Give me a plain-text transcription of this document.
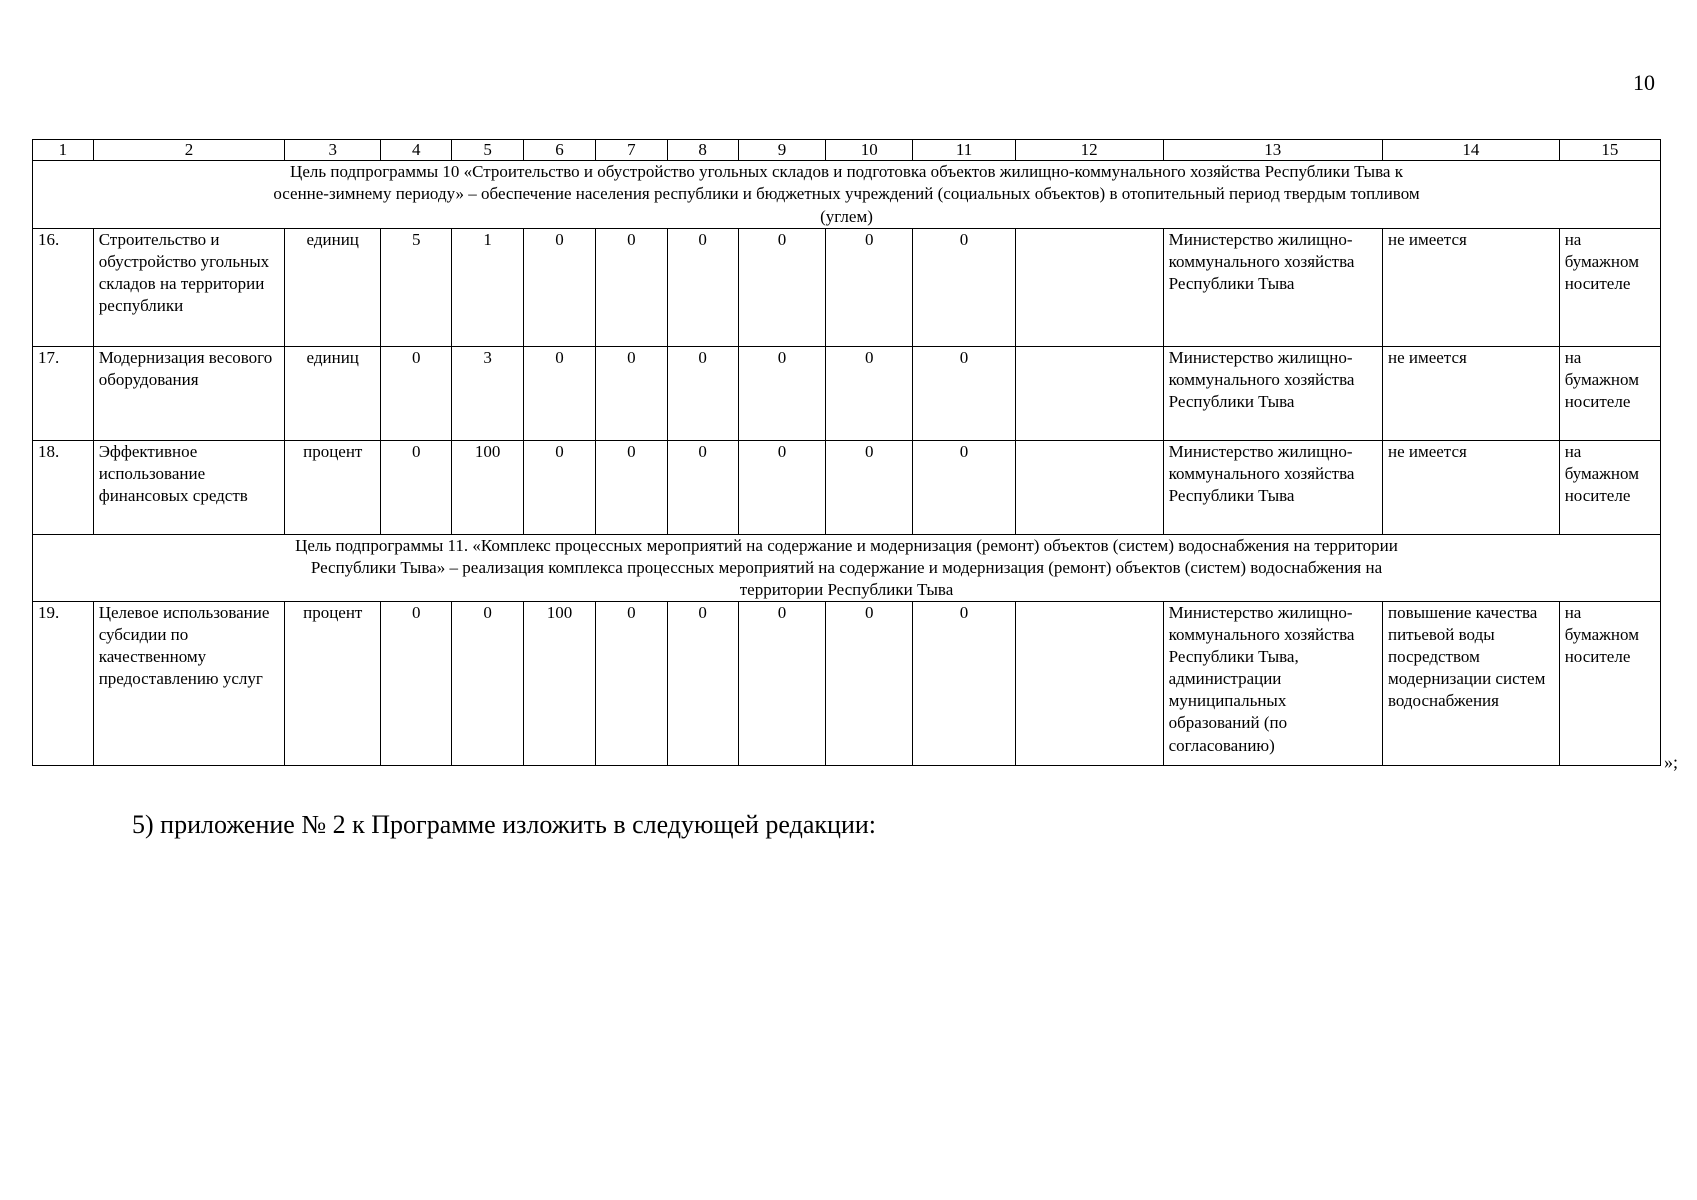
10
1	2	3	4	5	6	7	8	9	10	11	12	13	14	15
Цель подпрограммы 10 «Строительство и обустройство угольных складов и подготовка объектов жилищно-коммунального хозяйства Республики Тыва к осенне-зимнему периоду» – обеспечение населения республики и бюджетных учреждений (социальных объектов) в отопительный период твердым топливом (углем)														
16.	Строительство и обустройство угольных складов на территории республики	единиц	5	1	0	0	0	0	0	0		Министерство жилищно-коммунального хозяйства Республики Тыва	не имеется	на бумажном носителе
17.	Модернизация весового оборудования	единиц	0	3	0	0	0	0	0	0		Министерство жилищно-коммунального хозяйства Республики Тыва	не имеется	на бумажном носителе
18.	Эффективное использование финансовых средств	процент	0	100	0	0	0	0	0	0		Министерство жилищно-коммунального хозяйства Республики Тыва	не имеется	на бумажном носителе
Цель подпрограммы 11. «Комплекс процессных мероприятий на содержание и модернизация (ремонт) объектов (систем) водоснабжения на территории Республики Тыва» – реализация комплекса процессных мероприятий на содержание и модернизация (ремонт) объектов (систем) водоснабжения на территории Республики Тыва														
19.	Целевое использование субсидии по качественному предоставлению услуг	процент	0	0	100	0	0	0	0	0		Министерство жилищно-коммунального хозяйства Республики Тыва, администрации муниципальных образований (по согласованию)	повышение качества питьевой воды посредством модернизации систем водоснабжения	на бумажном носителе
»;
5) приложение № 2 к Программе изложить в следующей редакции:
